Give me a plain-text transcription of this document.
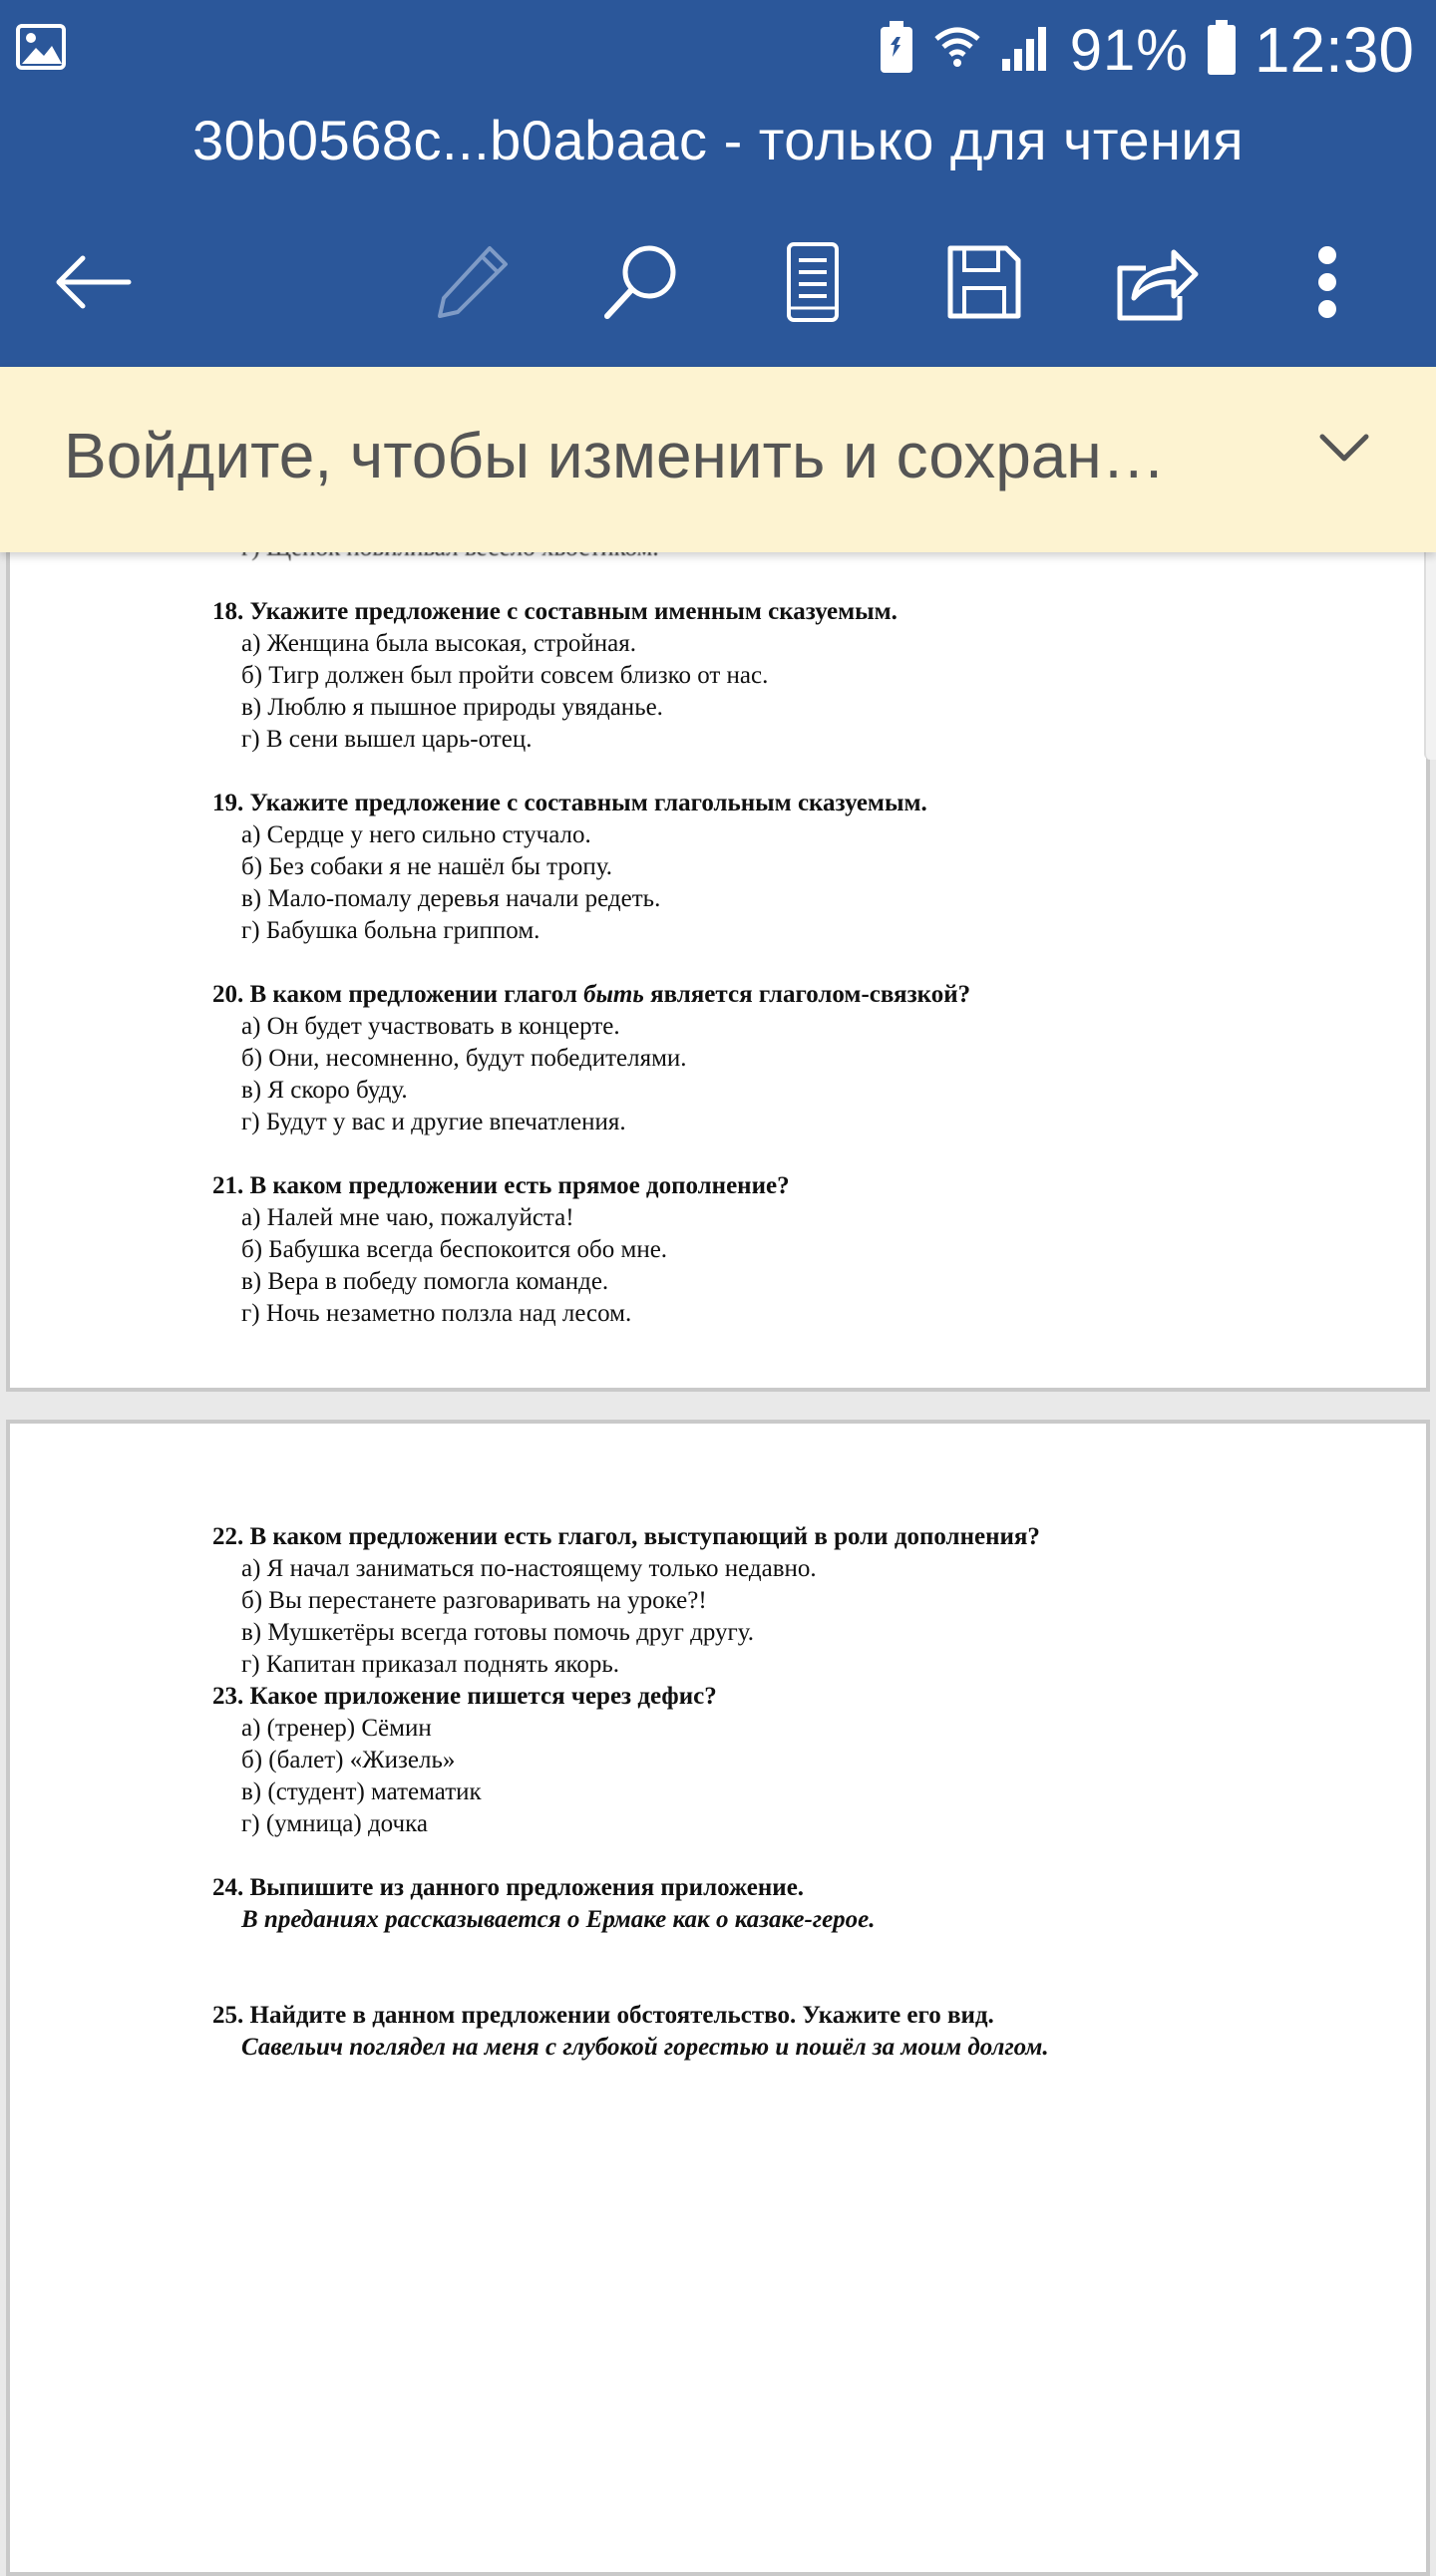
18. Укажите предложение с составным именным сказуемым.
а) Женщина была высокая, стройная.
б) Тигр должен был пройти совсем близко от нас.
в) Люблю я пышное природы увяданье.
г) В сени вышел царь-отец.
19. Укажите предложение с составным глагольным сказуемым.
а) Сердце у него сильно стучало.
б) Без собаки я не нашёл бы тропу.
в) Мало-помалу деревья начали редеть.
г) Бабушка больна гриппом.
20. В каком предложении глагол быть является глаголом-связкой?
а) Он будет участвовать в концерте.
б) Они, несомненно, будут победителями.
в) Я скоро буду.
г) Будут у вас и другие впечатления.
21. В каком предложении есть прямое дополнение?
а) Налей мне чаю, пожалуйста!
б) Бабушка всегда беспокоится обо мне.
в) Вера в победу помогла команде.
г) Ночь незаметно ползла над лесом.
22. В каком предложении есть глагол, выступающий в роли дополнения?
а) Я начал заниматься по-настоящему только недавно.
б) Вы перестанете разговаривать на уроке?!
в) Мушкетёры всегда готовы помочь друг другу.
г) Капитан приказал поднять якорь.
23. Какое приложение пишется через дефис?
а) (тренер) Сёмин
б) (балет) «Жизель»
в) (студент) математик
г) (умница) дочка
24. Выпишите из данного предложения приложение.
В преданиях рассказывается о Ермаке как о казаке-герое.
25. Найдите в данном предложении обстоятельство. Укажите его вид.
Савельич поглядел на меня с глубокой горестью и пошёл за моим долгом.
91% 12:30
30b0568c...b0abaac - только для чтения
Войдите, чтобы изменить и сохран…
